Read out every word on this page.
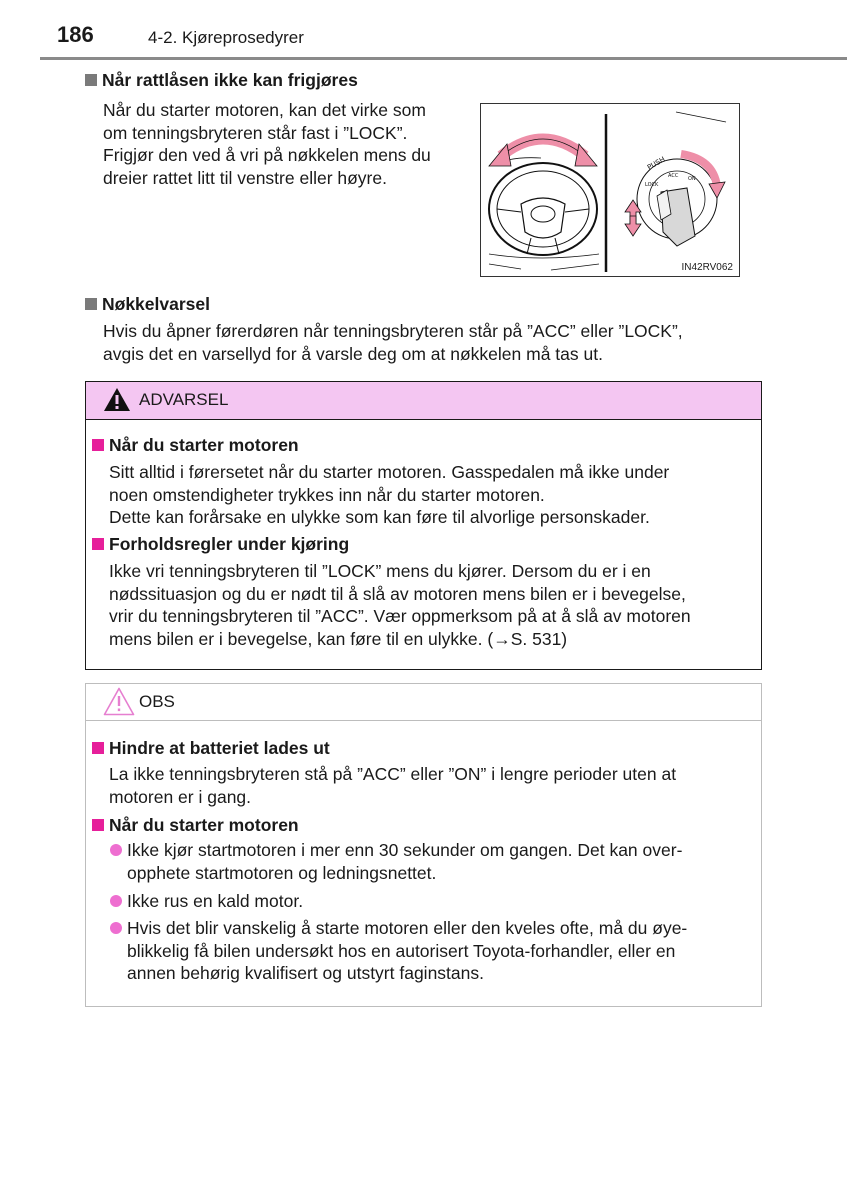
186	4-2. Kjøreprosedyrer
Når rattlåsen ikke kan frigjøres
Når du starter motoren, kan det virke som
om tenningsbryteren står fast i ”LOCK”.
Frigjør den ved å vri på nøkkelen mens du
dreier rattet litt til venstre eller høyre.
PUSH
ACC ON
LOCK
IN42RV062
Nøkkelvarsel
Hvis du åpner førerdøren når tenningsbryteren står på ”ACC” eller ”LOCK”,
avgis det en varsellyd for å varsle deg om at nøkkelen må tas ut.
ADVARSEL
Når du starter motoren
Sitt alltid i førersetet når du starter motoren. Gasspedalen må ikke under
noen omstendigheter trykkes inn når du starter motoren.
Dette kan forårsake en ulykke som kan føre til alvorlige personskader.
Forholdsregler under kjøring
Ikke vri tenningsbryteren til ”LOCK” mens du kjører. Dersom du er i en
nødssituasjon og du er nødt til å slå av motoren mens bilen er i bevegelse,
vrir du tenningsbryteren til ”ACC”. Vær oppmerksom på at å slå av motoren
mens bilen er i bevegelse, kan føre til en ulykke. (→S. 531)
OBS
Hindre at batteriet lades ut
La ikke tenningsbryteren stå på ”ACC” eller ”ON” i lengre perioder uten at
motoren er i gang.
Når du starter motoren
Ikke kjør startmotoren i mer enn 30 sekunder om gangen. Det kan over-
opphete startmotoren og ledningsnettet.
Ikke rus en kald motor.
Hvis det blir vanskelig å starte motoren eller den kveles ofte, må du øye-
blikkelig få bilen undersøkt hos en autorisert Toyota-forhandler, eller en
annen behørig kvalifisert og utstyrt faginstans.
